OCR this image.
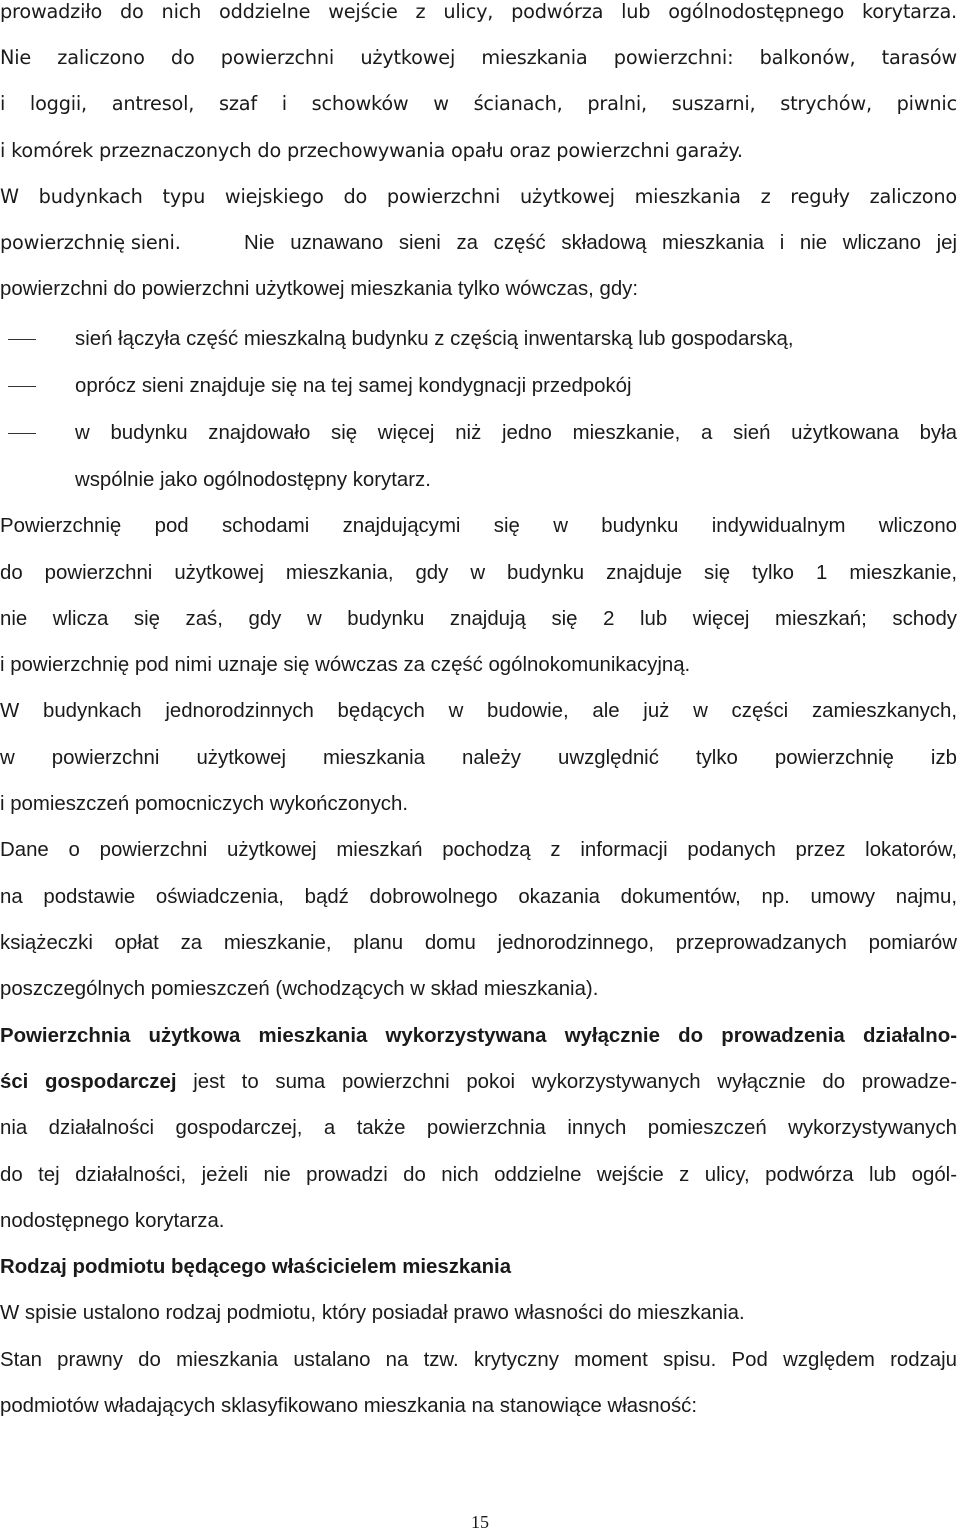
prowadziło do nich oddzielne wejście z ulicy, podwórza lub ogólnodostępnego korytarza.
Nie zaliczono do powierzchni użytkowej mieszkania powierzchni: balkonów, tarasów
i loggii, antresol, szaf i schowków w ścianach, pralni, suszarni, strychów, piwnic
i komórek przeznaczonych do przechowywania opału oraz powierzchni garaży.
W budynkach typu wiejskiego do powierzchni użytkowej mieszkania z reguły zaliczono
powierzchnię sieni.	Nie uznawano sieni za część składową mieszkania i nie wliczano jej
powierzchni do powierzchni użytkowej mieszkania tylko wówczas, gdy:
sień łączyła część mieszkalną budynku z częścią inwentarską lub gospodarską,
oprócz sieni znajduje się na tej samej kondygnacji przedpokój
w budynku znajdowało się więcej niż jedno mieszkanie, a sień użytkowana była
wspólnie jako ogólnodostępny korytarz.
Powierzchnię pod schodami znajdującymi się w budynku indywidualnym wliczono
do powierzchni użytkowej mieszkania, gdy w budynku znajduje się tylko 1 mieszkanie,
nie wlicza się zaś, gdy w budynku znajdują się 2 lub więcej mieszkań; schody
i powierzchnię pod nimi uznaje się wówczas za część ogólnokomunikacyjną.
W budynkach jednorodzinnych będących w budowie, ale już w części zamieszkanych,
w powierzchni użytkowej mieszkania należy uwzględnić tylko powierzchnię izb
i pomieszczeń pomocniczych wykończonych.
Dane o powierzchni użytkowej mieszkań pochodzą z informacji podanych przez lokatorów,
na podstawie oświadczenia, bądź dobrowolnego okazania dokumentów, np. umowy najmu,
książeczki opłat za mieszkanie, planu domu jednorodzinnego, przeprowadzanych pomiarów
poszczególnych pomieszczeń (wchodzących w skład mieszkania).
Powierzchnia użytkowa mieszkania wykorzystywana wyłącznie do prowadzenia działalno-
ści gospodarczej jest to suma powierzchni pokoi wykorzystywanych wyłącznie do prowadze-
nia działalności gospodarczej, a także powierzchnia innych pomieszczeń wykorzystywanych
do tej działalności, jeżeli nie prowadzi do nich oddzielne wejście z ulicy, podwórza lub ogól-
nodostępnego korytarza.
Rodzaj podmiotu będącego właścicielem mieszkania
W spisie ustalono rodzaj podmiotu, który posiadał prawo własności do mieszkania.
Stan prawny do mieszkania ustalano na tzw. krytyczny moment spisu. Pod względem rodzaju
podmiotów władających sklasyfikowano mieszkania na stanowiące własność:
15
